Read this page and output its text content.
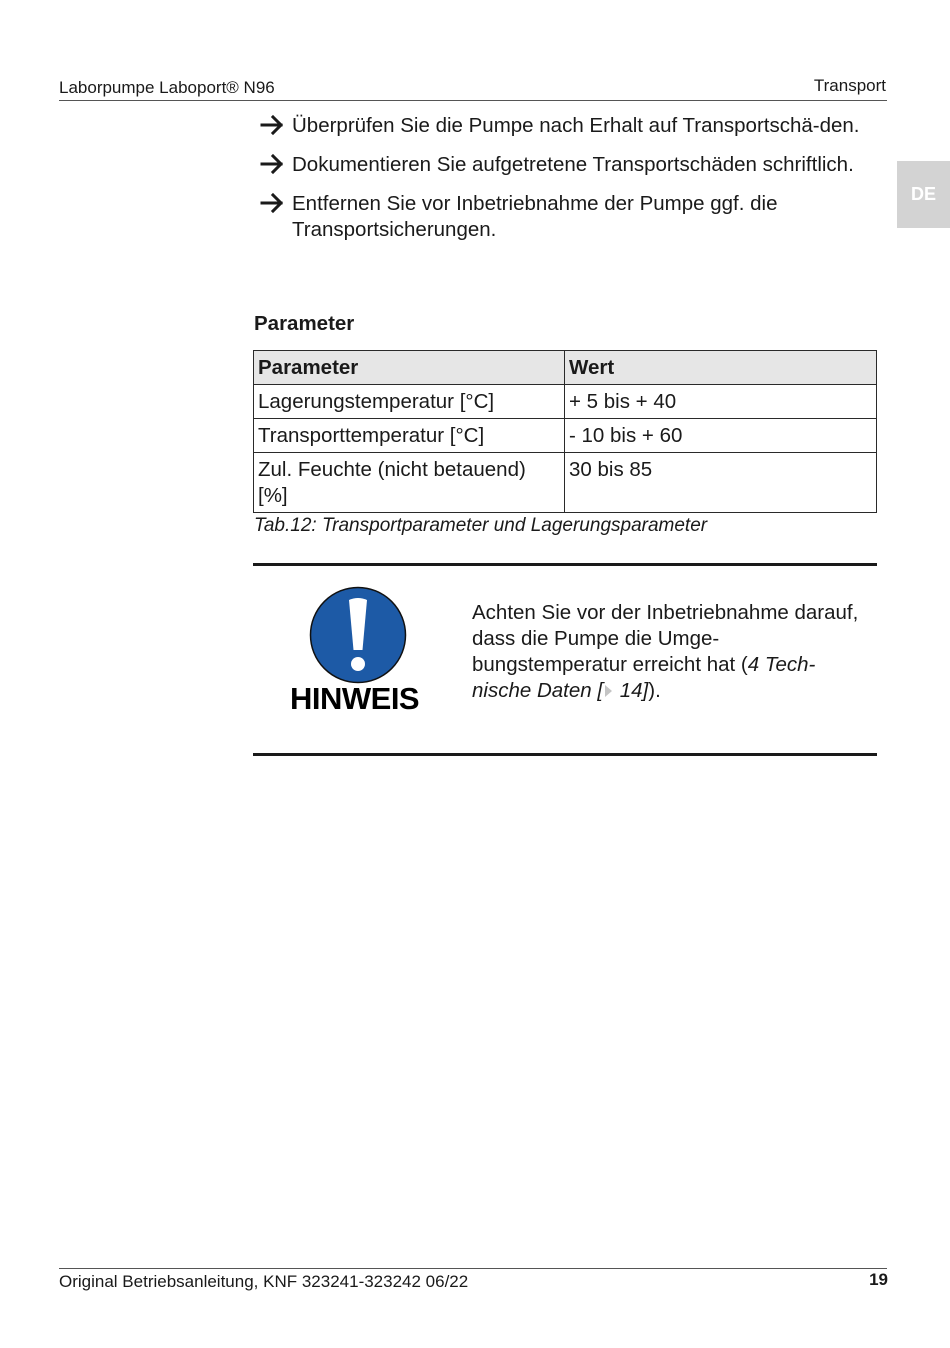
Laborpumpe Laboport® N96	Transport
DE
Überprüfen Sie die Pumpe nach Erhalt auf Transportschä-den.
Dokumentieren Sie aufgetretene Transportschäden schriftlich.
Entfernen Sie vor Inbetriebnahme der Pumpe ggf. die Transportsicherungen.
Parameter
Parameter	Wert
Lagerungstemperatur [°C]	+ 5 bis + 40
Transporttemperatur [°C]	- 10 bis + 60
Zul. Feuchte (nicht betauend) [%]	30 bis 85
Tab.12: Transportparameter und Lagerungsparameter
HINWEIS
Achten Sie vor der Inbetriebnahme darauf, dass die Pumpe die Umge-bungstemperatur erreicht hat (4 Tech-nische Daten [ 14]).
Original Betriebsanleitung, KNF 323241-323242 06/22	19
